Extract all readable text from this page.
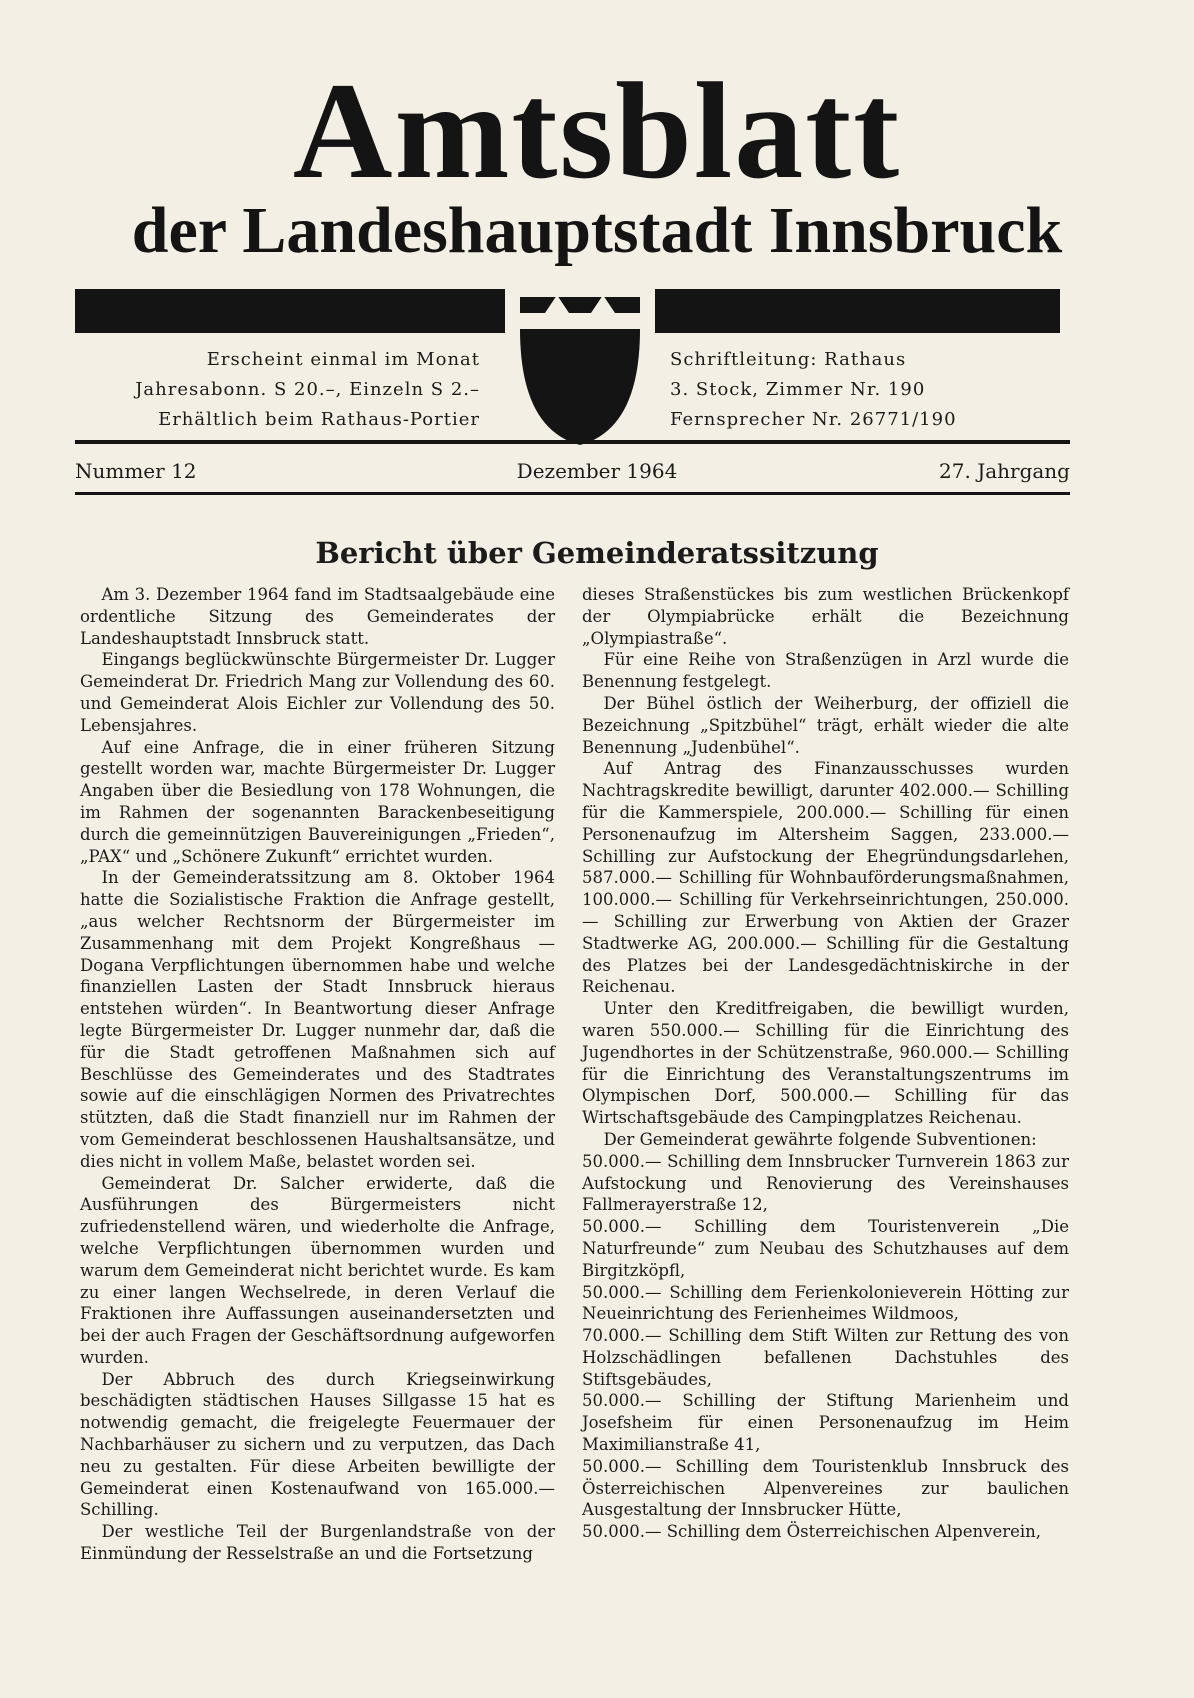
Amtsblatt
der Landeshauptstadt Innsbruck
Erscheint einmal im Monat
Jahresabonn. S 20.–, Einzeln S 2.–
Erhältlich beim Rathaus-Portier
Schriftleitung: Rathaus
3. Stock, Zimmer Nr. 190
Fernsprecher Nr. 26771/190
Nummer 12	Dezember 1964	27. Jahrgang
Bericht über Gemeinderatssitzung

Am 3. Dezember 1964 fand im Stadtsaalgebäude eine ordentliche Sitzung des Gemeinderates der Landeshauptstadt Innsbruck statt.

Eingangs beglückwünschte Bürgermeister Dr. Lugger Gemeinderat Dr. Friedrich Mang zur Vollendung des 60. und Gemeinderat Alois Eichler zur Vollendung des 50. Lebensjahres.

Auf eine Anfrage, die in einer früheren Sitzung gestellt worden war, machte Bürgermeister Dr. Lugger Angaben über die Besiedlung von 178 Wohnungen, die im Rahmen der sogenannten Barackenbeseitigung durch die gemeinnützigen Bauvereinigungen „Frieden“, „PAX“ und „Schönere Zukunft“ errichtet wurden.

In der Gemeinderatssitzung am 8. Oktober 1964 hatte die Sozialistische Fraktion die Anfrage gestellt, „aus welcher Rechtsnorm der Bürgermeister im Zusammenhang mit dem Projekt Kongreßhaus — Dogana Verpflichtungen übernommen habe und welche finanziellen Lasten der Stadt Innsbruck hieraus entstehen würden“. In Beantwortung dieser Anfrage legte Bürgermeister Dr. Lugger nunmehr dar, daß die für die Stadt getroffenen Maßnahmen sich auf Beschlüsse des Gemeinderates und des Stadtrates sowie auf die einschlägigen Normen des Privatrechtes stützten, daß die Stadt finanziell nur im Rahmen der vom Gemeinderat beschlossenen Haushaltsansätze, und dies nicht in vollem Maße, belastet worden sei.

Gemeinderat Dr. Salcher erwiderte, daß die Ausführungen des Bürgermeisters nicht zufriedenstellend wären, und wiederholte die Anfrage, welche Verpflichtungen übernommen wurden und warum dem Gemeinderat nicht berichtet wurde. Es kam zu einer langen Wechselrede, in deren Verlauf die Fraktionen ihre Auffassungen auseinandersetzten und bei der auch Fragen der Geschäftsordnung aufgeworfen wurden.

Der Abbruch des durch Kriegseinwirkung beschädigten städtischen Hauses Sillgasse 15 hat es notwendig gemacht, die freigelegte Feuermauer der Nachbarhäuser zu sichern und zu verputzen, das Dach neu zu gestalten. Für diese Arbeiten bewilligte der Gemeinderat einen Kostenaufwand von 165.000.— Schilling.

Der westliche Teil der Burgenlandstraße von der Einmündung der Resselstraße an und die Fortsetzung

dieses Straßenstückes bis zum westlichen Brückenkopf der Olympiabrücke erhält die Bezeichnung „Olympiastraße“.

Für eine Reihe von Straßenzügen in Arzl wurde die Benennung festgelegt.

Der Bühel östlich der Weiherburg, der offiziell die Bezeichnung „Spitzbühel“ trägt, erhält wieder die alte Benennung „Judenbühel“.

Auf Antrag des Finanzausschusses wurden Nachtragskredite bewilligt, darunter 402.000.— Schilling für die Kammerspiele, 200.000.— Schilling für einen Personenaufzug im Altersheim Saggen, 233.000.— Schilling zur Aufstockung der Ehegründungsdarlehen, 587.000.— Schilling für Wohnbauförderungsmaßnahmen, 100.000.— Schilling für Verkehrseinrichtungen, 250.000.— Schilling zur Erwerbung von Aktien der Grazer Stadtwerke AG, 200.000.— Schilling für die Gestaltung des Platzes bei der Landesgedächtniskirche in der Reichenau.

Unter den Kreditfreigaben, die bewilligt wurden, waren 550.000.— Schilling für die Einrichtung des Jugendhortes in der Schützenstraße, 960.000.— Schilling für die Einrichtung des Veranstaltungszentrums im Olympischen Dorf, 500.000.— Schilling für das Wirtschaftsgebäude des Campingplatzes Reichenau.

Der Gemeinderat gewährte folgende Subventionen:

50.000.— Schilling dem Innsbrucker Turnverein 1863 zur Aufstockung und Renovierung des Vereinshauses Fallmerayerstraße 12,

50.000.— Schilling dem Touristenverein „Die Naturfreunde“ zum Neubau des Schutzhauses auf dem Birgitzköpfl,

50.000.— Schilling dem Ferienkolonieverein Hötting zur Neueinrichtung des Ferienheimes Wildmoos,

70.000.— Schilling dem Stift Wilten zur Rettung des von Holzschädlingen befallenen Dachstuhles des Stiftsgebäudes,

50.000.— Schilling der Stiftung Marienheim und Josefsheim für einen Personenaufzug im Heim Maximilianstraße 41,

50.000.— Schilling dem Touristenklub Innsbruck des Österreichischen Alpenvereines zur baulichen Ausgestaltung der Innsbrucker Hütte,

50.000.— Schilling dem Österreichischen Alpenverein,
